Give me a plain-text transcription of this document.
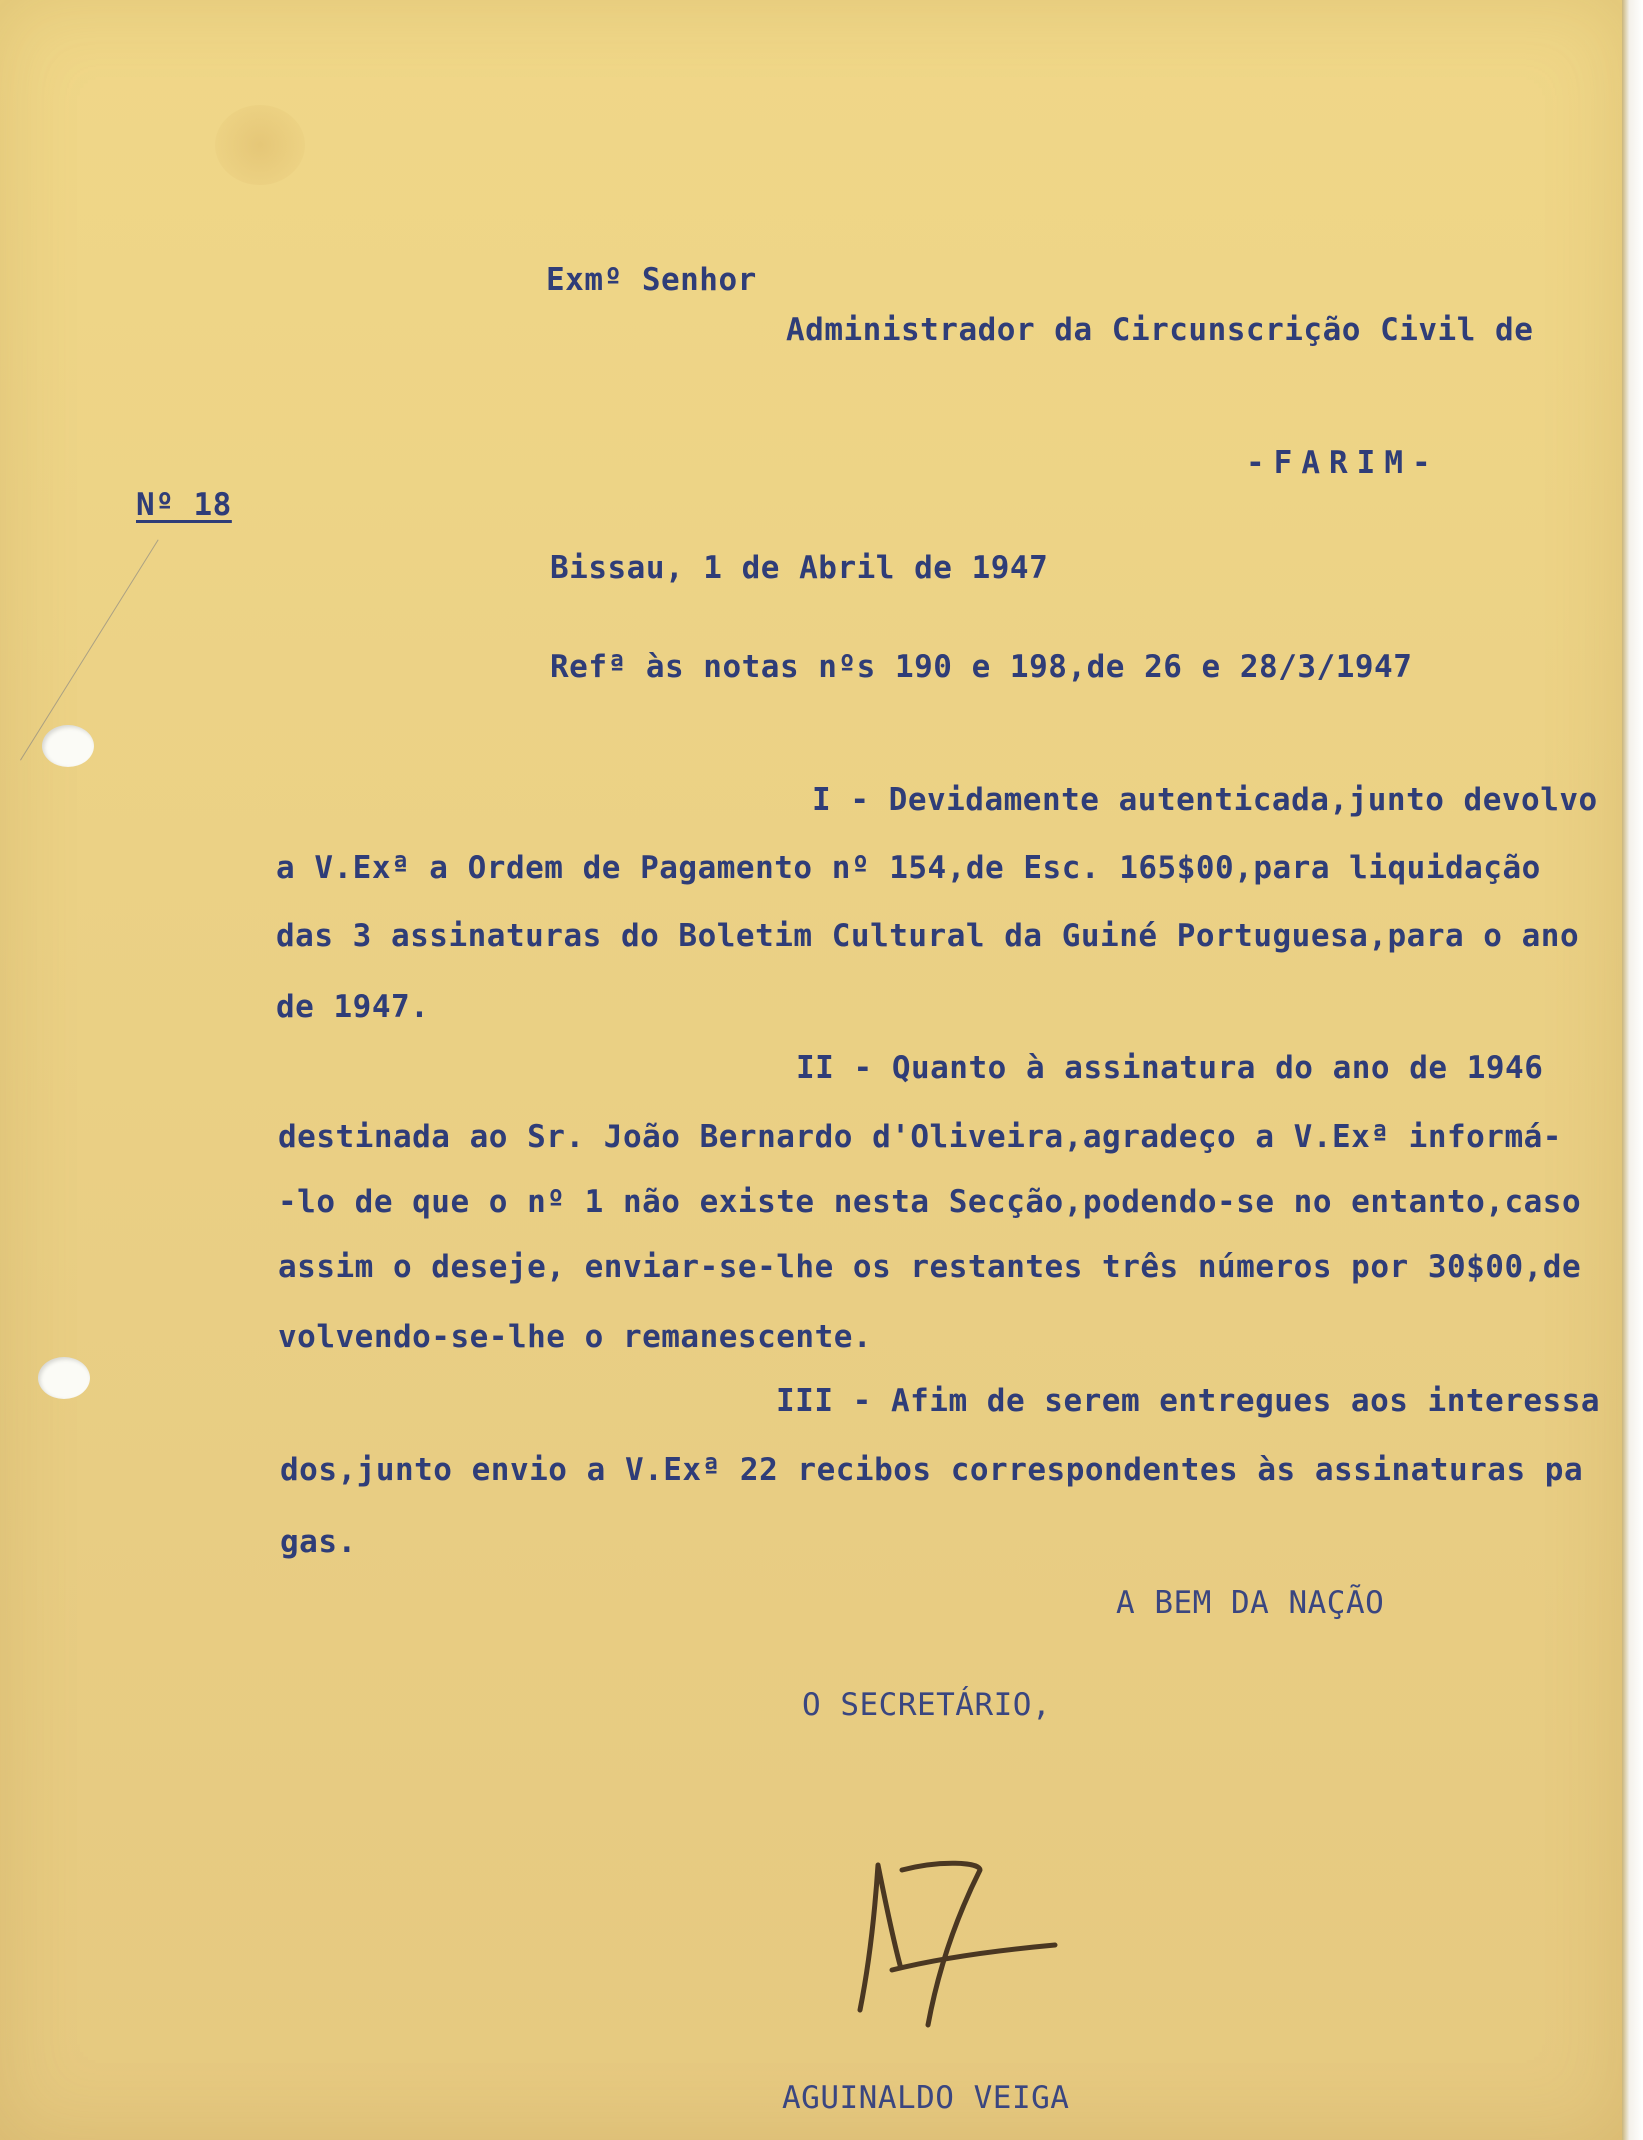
Exmº Senhor

Administrador da Circunscrição Civil de

-FARIM-

Nº 18

Bissau, 1 de Abril de 1947

Refª às notas nºs 190 e 198,de 26 e 28/3/1947

I - Devidamente autenticada,junto devolvo

a V.Exª a Ordem de Pagamento nº 154,de Esc. 165$00,para liquidação

das 3 assinaturas do Boletim Cultural da Guiné Portuguesa,para o ano

de 1947.

II - Quanto à assinatura do ano de 1946

destinada ao Sr. João Bernardo d'Oliveira,agradeço a V.Exª informá-

-lo de que o nº 1 não existe nesta Secção,podendo-se no entanto,caso

assim o deseje, enviar-se-lhe os restantes três números por 30$00,de

volvendo-se-lhe o remanescente.

III - Afim de serem entregues aos interessa

dos,junto envio a V.Exª 22 recibos correspondentes às assinaturas pa

gas.

A BEM DA NAÇÃO

O SECRETÁRIO,

AGUINALDO VEIGA
